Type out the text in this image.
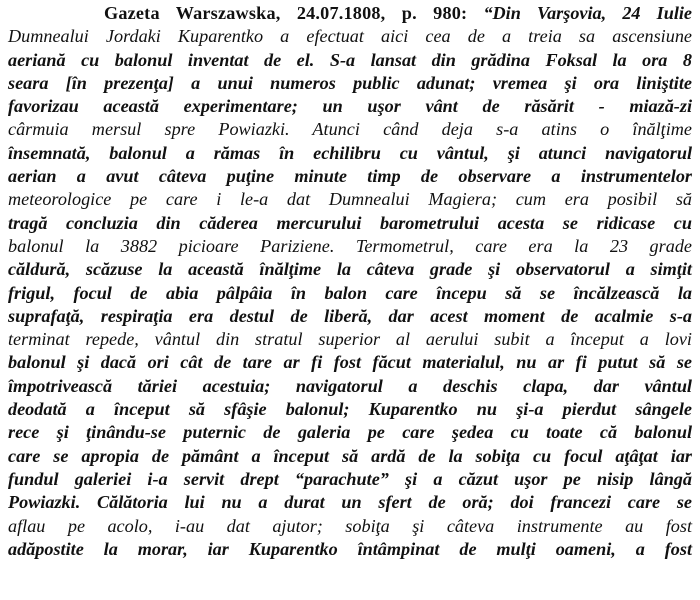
Gazeta Warszawska, 24.07.1808, p. 980: “Din Varşovia, 24 Iulie
Dumnealui Jordaki Kuparentko a efectuat aici cea de a treia sa ascensiune
aeriană cu balonul inventat de el. S-a lansat din grădina Foksal la ora 8
seara [în prezenţa] a unui numeros public adunat; vremea şi ora liniştite
favorizau această experimentare; un uşor vânt de răsărit - miază-zi
cârmuia mersul spre Powiazki. Atunci când deja s-a atins o înălţime
însemnată, balonul a rămas în echilibru cu vântul, şi atunci navigatorul
aerian a avut câteva puţine minute timp de observare a instrumentelor
meteorologice pe care i le-a dat Dumnealui Magiera; cum era posibil să
tragă concluzia din căderea mercurului barometrului acesta se ridicase cu
balonul la 3882 picioare Pariziene. Termometrul, care era la 23 grade
căldură, scăzuse la această înălţime la câteva grade şi observatorul a simţit
frigul, focul de abia pâlpâia în balon care începu să se încălzească la
suprafaţă, respiraţia era destul de liberă, dar acest moment de acalmie s-a
terminat repede, vântul din stratul superior al aerului subit a început a lovi
balonul şi dacă ori cât de tare ar fi fost făcut materialul, nu ar fi putut să se
împotrivească tăriei acestuia; navigatorul a deschis clapa, dar vântul
deodată a început să sfâşie balonul; Kuparentko nu şi-a pierdut sângele
rece şi ţinându-se puternic de galeria pe care şedea cu toate că balonul
care se apropia de pământ a început să ardă de la sobiţa cu focul aţâţat iar
fundul galeriei i-a servit drept “parachute” şi a căzut uşor pe nisip lângă
Powiazki. Călătoria lui nu a durat un sfert de oră; doi francezi care se
aflau pe acolo, i-au dat ajutor; sobiţa şi câteva instrumente au fost
adăpostite la morar, iar Kuparentko întâmpinat de mulţi oameni, a fost
